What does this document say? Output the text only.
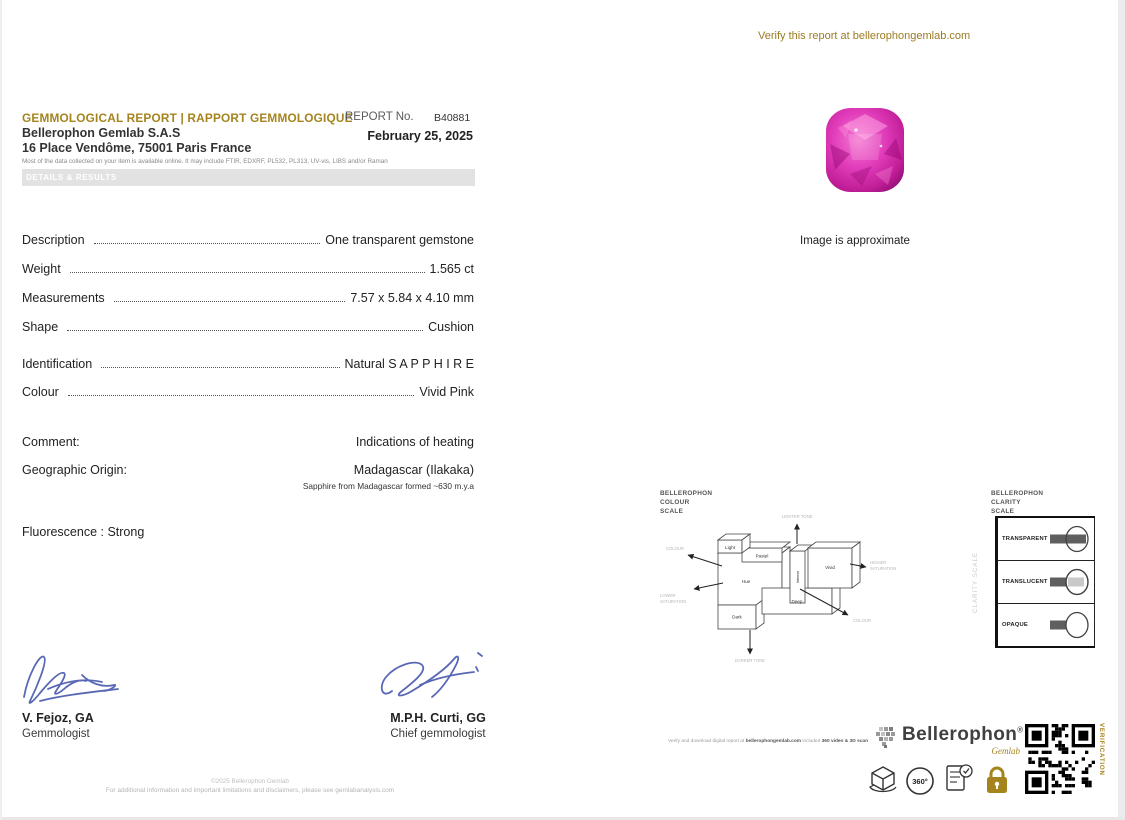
Verify this report at bellerophongemlab.com
GEMMOLOGICAL REPORT | RAPPORT GEMMOLOGIQUE
REPORT No. B40881
Bellerophon Gemlab S.A.S	February 25, 2025
16 Place Vendôme, 75001 Paris France
Most of the data collected on your item is available online. It may include FTIR, EDXRF, PL532, PL313, UV-vis, LIBS and/or Raman
DETAILS & RESULTS
Description	One transparent gemstone
Weight	1.565 ct
Measurements	7.57 x 5.84 x 4.10 mm
Shape	Cushion
Identification	Natural S A P P H I R E
Colour	Vivid Pink
Comment:	Indications of heating
Geographic Origin:	Madagascar (Ilakaka)
Sapphire from Madagascar formed ~630 m.y.a
Fluorescence : Strong
V. Fejoz, GA
Gemmologist
M.P.H. Curti, GG
Chief gemmologist
©2025 Bellerophon Gemlab
For additional information and important limitations and disclaimers, please see gemlabanalysis.com
Image is approximate
BELLEROPHON
COLOUR
SCALE
Light
Pastel
Hue	Intense
Vivid
Deep
Dark
LIGHTER TONE
DARKER TONE
COLOUR
LOWER
SATURATION
HIGHER
SATURATION
COLOUR
BELLEROPHON
CLARITY
SCALE
CLARITY SCALE
TRANSPARENT
TRANSLUCENT
OPAQUE
Verify and download digital report at bellerophongemlab.com included 360 video & 3D scan Bellerophon®
Gemlab
360°
VERIFICATION
